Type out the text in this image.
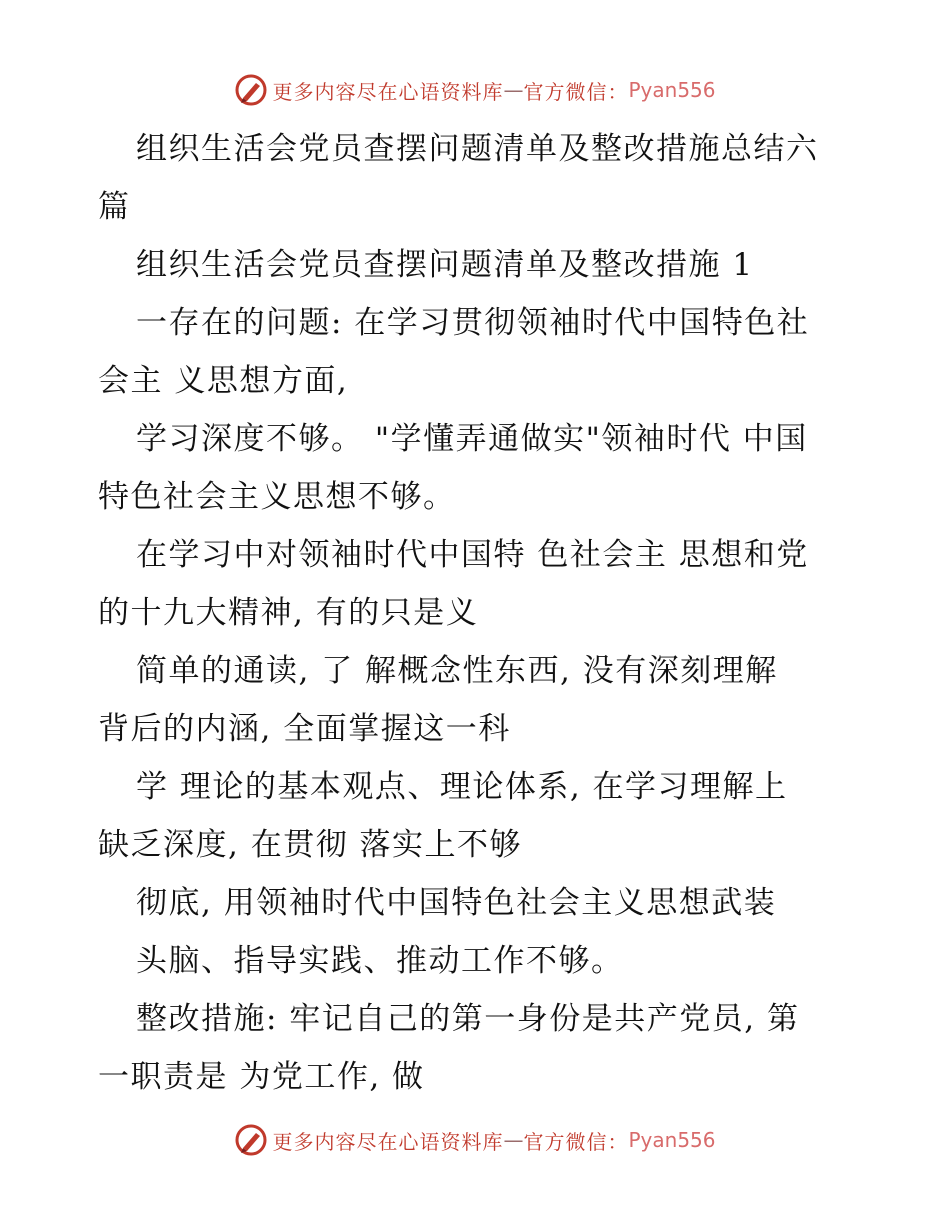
更多内容尽在心语资料库 — 官方微信： Pyan556
组织生活会党员查摆问题清单及整改措施总结六
篇
组织生活会党员查摆问题清单及整改措施 1
一存在的问题: 在学习贯彻领袖时代中国特色社
会主 义思想方面,
学习深度不够。 "学懂弄通做实"领袖时代 中国
特色社会主义思想不够。
在学习中对领袖时代中国特 色社会主 思想和党
的十九大精神, 有的只是义
简单的通读, 了 解概念性东西, 没有深刻理解
背后的内涵, 全面掌握这一科
学 理论的基本观点、理论体系, 在学习理解上
缺乏深度, 在贯彻 落实上不够
彻底, 用领袖时代中国特色社会主义思想武装
头脑、指导实践、推动工作不够。
整改措施: 牢记自己的第一身份是共产党员, 第
一职责是 为党工作, 做
更多内容尽在心语资料库 — 官方微信： Pyan556
